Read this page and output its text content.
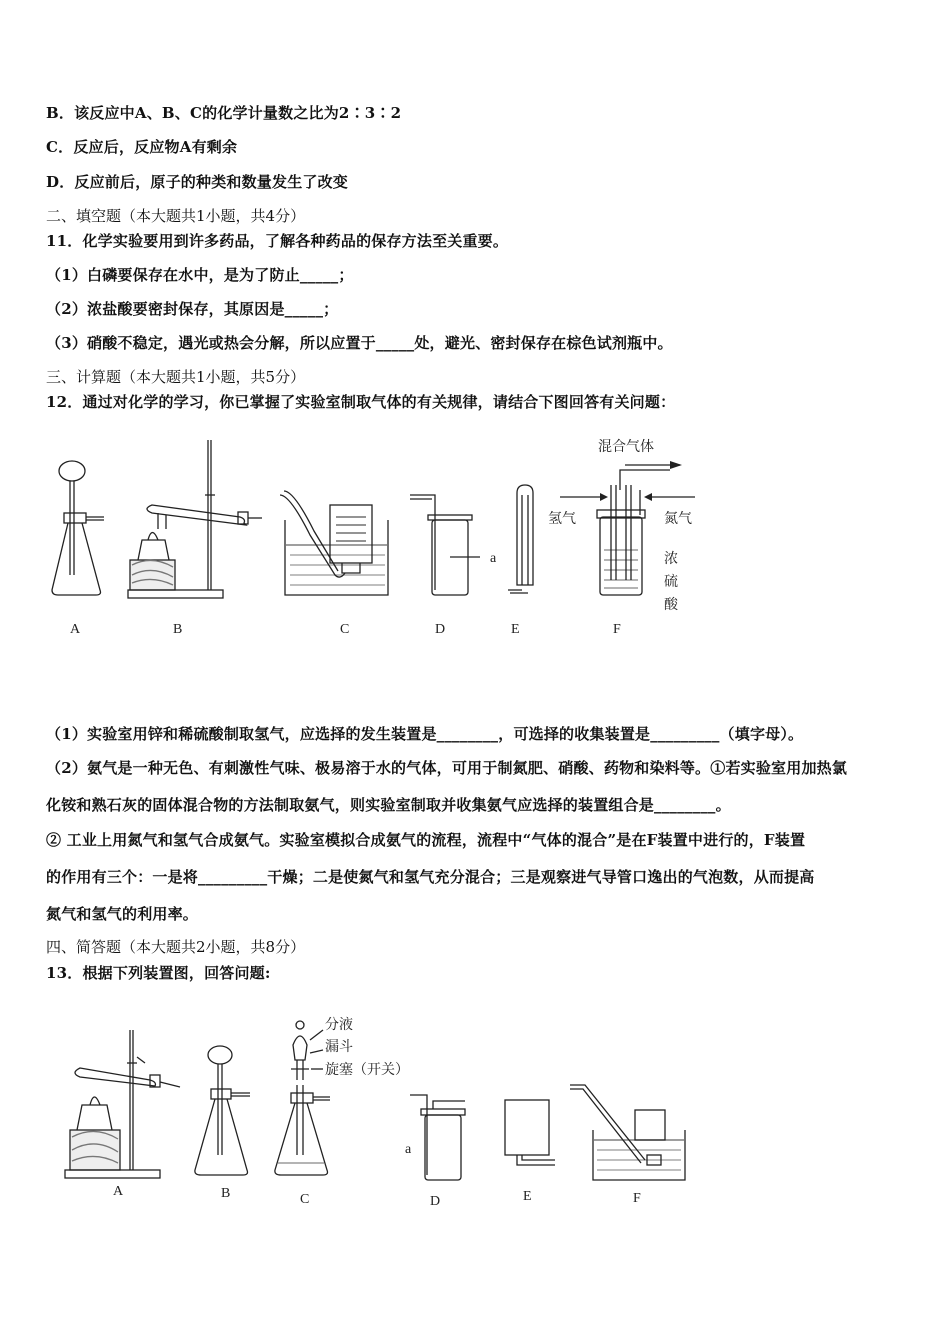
B．该反应中A、B、C的化学计量数之比为2∶3∶2
C．反应后，反应物A有剩余
D．反应前后，原子的种类和数量发生了改变
二、填空题（本大题共1小题，共4分）
11．化学实验要用到许多药品，了解各种药品的保存方法至关重要。
（1）白磷要保存在水中，是为了防止_____；
（2）浓盐酸要密封保存，其原因是_____；
（3）硝酸不稳定，遇光或热会分解，所以应置于_____处，避光、密封保存在棕色试剂瓶中。
三、计算题（本大题共1小题，共5分）
12．通过对化学的学习，你已掌握了实验室制取气体的有关规律，请结合下图回答有关问题：
A	B	C	D	E	F
a
混合气体
氢气	氮气
浓
硫
酸
（1）实验室用锌和稀硫酸制取氢气，应选择的发生装置是________，可选择的收集装置是_________（填字母）。
（2）氨气是一种无色、有刺激性气味、极易溶于水的气体，可用于制氮肥、硝酸、药物和染料等。①若实验室用加热氯
化铵和熟石灰的固体混合物的方法制取氨气，则实验室制取并收集氨气应选择的装置组合是________。
② 工业上用氮气和氢气合成氨气。实验室模拟合成氨气的流程，流程中“气体的混合”是在F装置中进行的，F装置
的作用有三个：一是将_________干燥；二是使氮气和氢气充分混合；三是观察进气导管口逸出的气泡数，从而提高
氮气和氢气的利用率。
四、简答题（本大题共2小题，共8分）
13．根据下列装置图，回答问题:
A	B	C	D	E	F
a
分液
漏斗
旋塞（开关）
